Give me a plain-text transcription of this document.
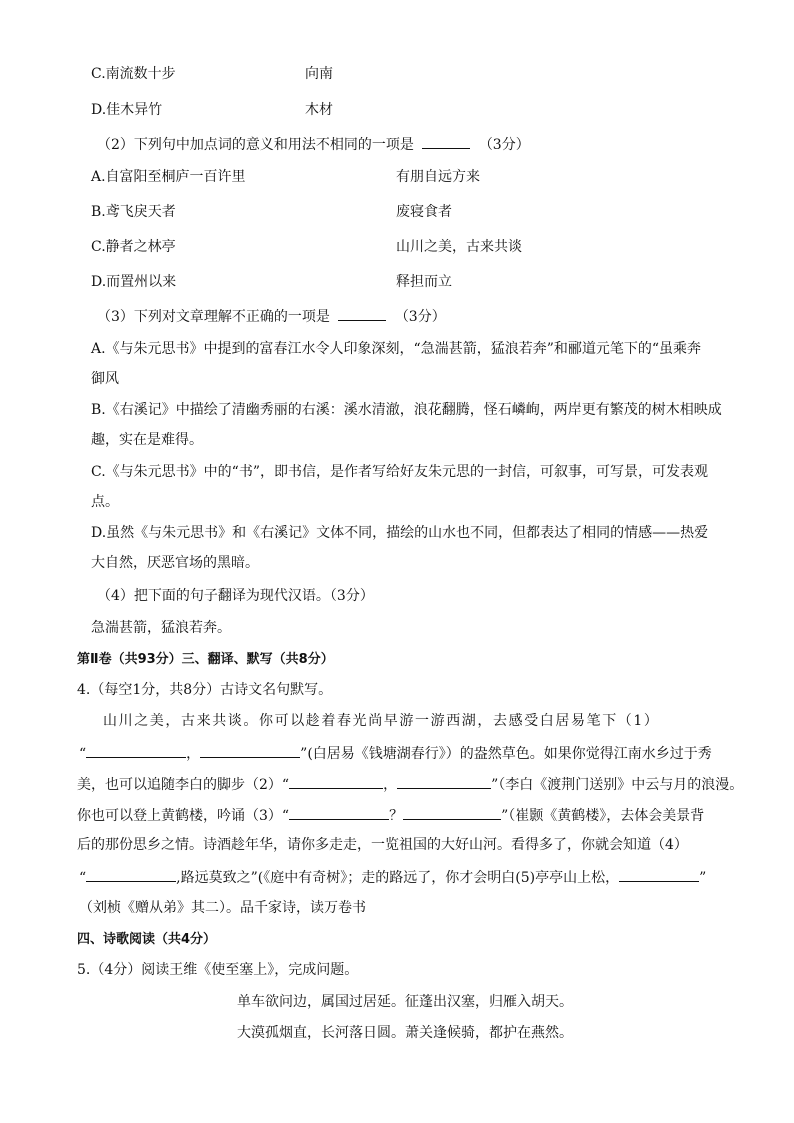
C.南流数十步	向南
D.佳木异竹	木材
（2）下列句中加点词的意义和用法不相同的一项是	（3分）
A.自富阳至桐庐一百许里	有朋自远方来
B.鸢飞戾天者	废寝食者
C.静者之林亭	山川之美，古来共谈
D.而置州以来	释担而立
（3）下列对文章理解不正确的一项是	（3分）
A.《与朱元思书》中提到的富春江水令人印象深刻，“急湍甚箭，猛浪若奔”和郦道元笔下的“虽乘奔
御风
B.《右溪记》中描绘了清幽秀丽的右溪：溪水清澈，浪花翻腾，怪石嶙峋，两岸更有繁茂的树木相映成
趣，实在是难得。
C.《与朱元思书》中的“书”，即书信，是作者写给好友朱元思的一封信，可叙事，可写景，可发表观
点。
D.虽然《与朱元思书》和《右溪记》文体不同，描绘的山水也不同，但都表达了相同的情感——热爱
大自然，厌恶官场的黑暗。
（4）把下面的句子翻译为现代汉语。（3分）
急湍甚箭，猛浪若奔。
第Ⅱ卷（共93分）三、翻译、默写（共8分）
4.（每空1分，共8分）古诗文名句默写。
山川之美，古来共谈。你可以趁着春光尚早游一游西湖，去感受白居易笔下（1）
“	，	”(白居易《钱塘湖春行》）的盎然草色。如果你觉得江南水乡过于秀
美，也可以追随李白的脚步（2）“	，	”（李白《渡荆门送别》中云与月的浪漫。
你也可以登上黄鹤楼，吟诵（3）“	？	”（崔颢《黄鹤楼》，去体会美景背
后的那份思乡之情。诗酒趁年华，请你多走走，一览祖国的大好山河。看得多了，你就会知道（4）
“	,路远莫致之”(《庭中有奇树》；走的路远了，你才会明白(5)亭亭山上松，	”
（刘桢《赠从弟》其二）。品千家诗，读万卷书
四、诗歌阅读（共4分）
5.（4分）阅读王维《使至塞上》，完成问题。
单车欲问边，属国过居延。征蓬出汉塞，归雁入胡天。
大漠孤烟直，长河落日圆。萧关逢候骑，都护在燕然。
